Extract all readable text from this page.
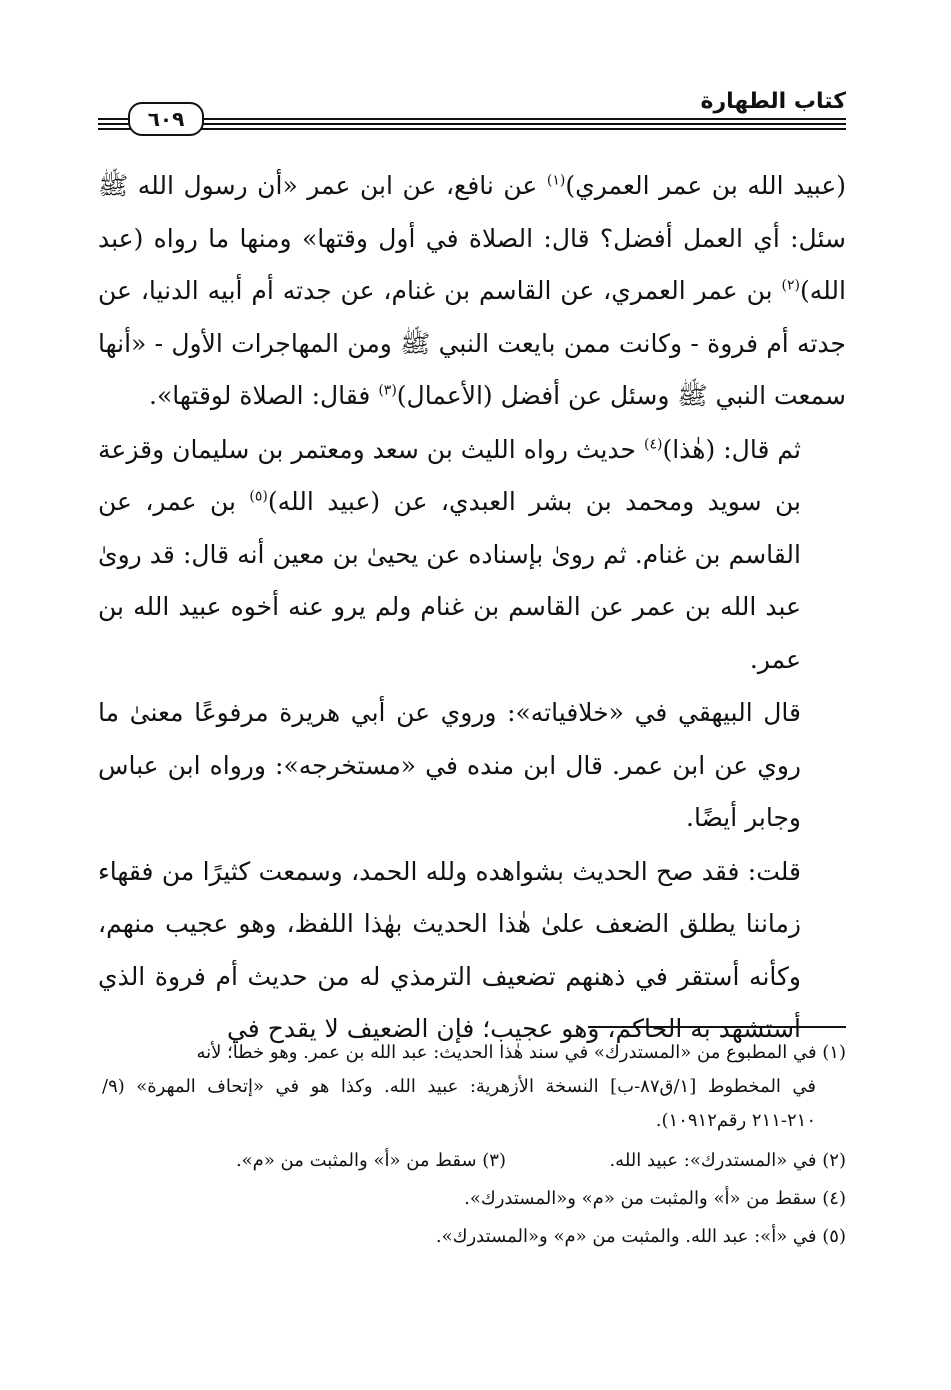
كتاب الطهارة
٦٠٩

(عبيد الله بن عمر العمري)$^{(١)}$ عن نافع، عن ابن عمر «أن رسول الله ﷺ سئل: أي العمل أفضل؟ قال: الصلاة في أول وقتها» ومنها ما رواه (عبد الله)$^{(٢)}$ بن عمر العمري، عن القاسم بن غنام، عن جدته أم أبيه الدنيا، عن جدته أم فروة - وكانت ممن بايعت النبي ﷺ ومن المهاجرات الأول - «أنها سمعت النبي ﷺ وسئل عن أفضل (الأعمال)$^{(٣)}$ فقال: الصلاة لوقتها».

ثم قال: (هٰذا)$^{(٤)}$ حديث رواه الليث بن سعد ومعتمر بن سليمان وقزعة بن سويد ومحمد بن بشر العبدي، عن (عبيد الله)$^{(٥)}$ بن عمر، عن القاسم بن غنام. ثم روىٰ بإسناده عن يحيىٰ بن معين أنه قال: قد روىٰ عبد الله بن عمر عن القاسم بن غنام ولم يرو عنه أخوه عبيد الله بن عمر.

قال البيهقي في «خلافياته»: وروي عن أبي هريرة مرفوعًا معنىٰ ما روي عن ابن عمر. قال ابن منده في «مستخرجه»: ورواه ابن عباس وجابر أيضًا.

قلت: فقد صح الحديث بشواهده ولله الحمد، وسمعت كثيرًا من فقهاء زماننا يطلق الضعف علىٰ هٰذا الحديث بهٰذا اللفظ، وهو عجيب منهم، وكأنه أستقر في ذهنهم تضعيف الترمذي له من حديث أم فروة الذي أستشهد به الحاكم، وهو عجيب؛ فإن الضعيف لا يقدح في

(١) في المطبوع من «المستدرك» في سند هٰذا الحديث: عبد الله بن عمر. وهو خطأ؛ لأنه

في المخطوط [١/ق٨٧-ب] النسخة الأزهرية: عبيد الله. وكذا هو في «إتحاف المهرة» (٩/ ٢١٠-٢١١ رقم١٠٩١٢).

(٢) في «المستدرك»: عبيد الله.
(٣) سقط من «أ» والمثبت من «م».

(٤) سقط من «أ» والمثبت من «م» و«المستدرك».

(٥) في «أ»: عبد الله. والمثبت من «م» و«المستدرك».
